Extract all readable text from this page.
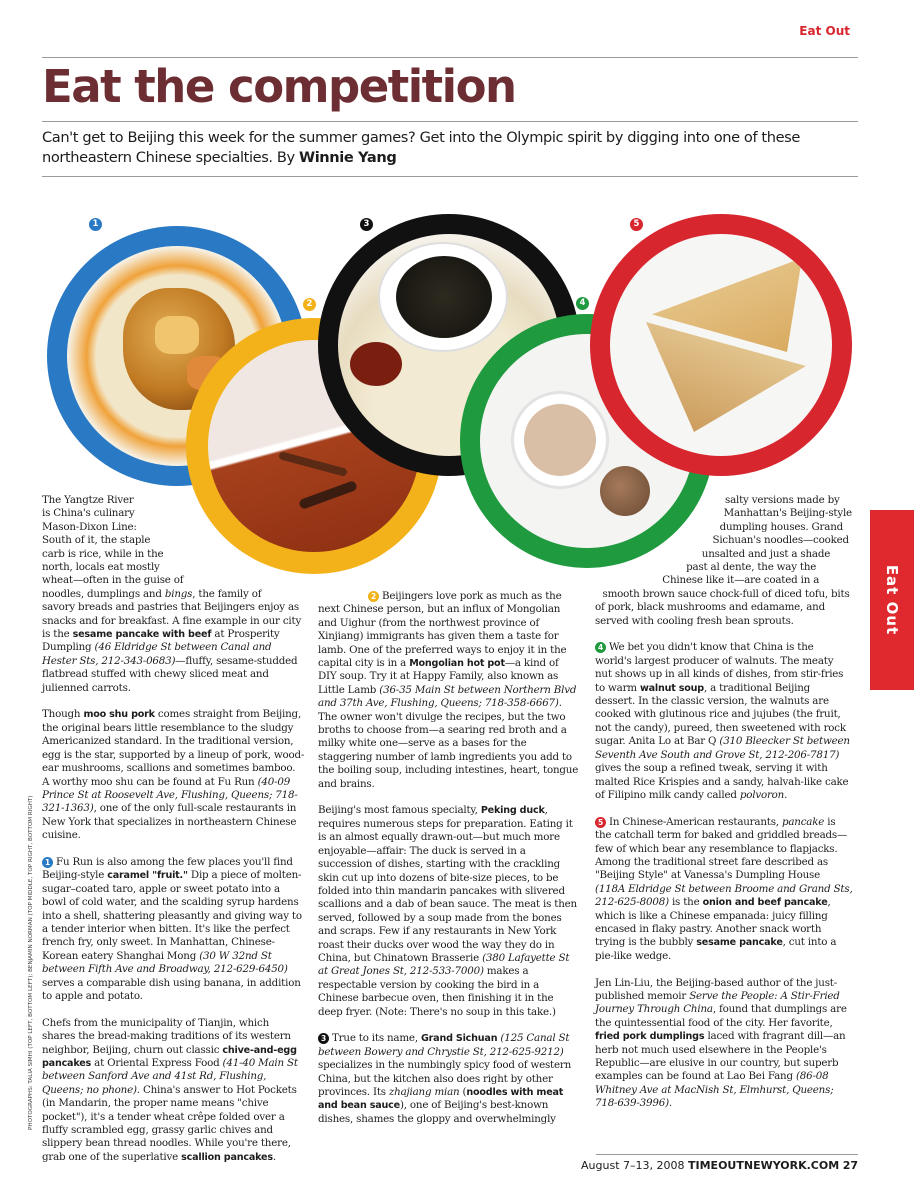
Eat Out
Eat the competition

Can't get to Beijing this week for the summer games? Get into the Olympic spirit by digging into one of these northeastern Chinese specialties. By Winnie Yang

1
2
3
4
5

The Yangtze River is China's culinary Mason-Dixon Line: South of it, the staple carb is rice, while in the north, locals eat mostly wheat—often in the guise of noodles, dumplings and bings, the family of savory breads and pastries that Beijingers enjoy as snacks and for breakfast. A fine example in our city is the sesame pancake with beef at Prosperity Dumpling (46 Eldridge St between Canal and Hester Sts, 212-343-0683)—fluffy, sesame-studded flatbread stuffed with chewy sliced meat and julienned carrots.

Though moo shu pork comes straight from Beijing, the original bears little resemblance to the sludgy Americanized standard. In the traditional version, egg is the star, supported by a lineup of pork, wood-ear mushrooms, scallions and sometimes bamboo. A worthy moo shu can be found at Fu Run (40-09 Prince St at Roosevelt Ave, Flushing, Queens; 718-321-1363), one of the only full-scale restaurants in New York that specializes in northeastern Chinese cuisine.

1 Fu Run is also among the few places you'll find Beijing-style caramel "fruit." Dip a piece of molten-sugar–coated taro, apple or sweet potato into a bowl of cold water, and the scalding syrup hardens into a shell, shattering pleasantly and giving way to a tender interior when bitten. It's like the perfect french fry, only sweet. In Manhattan, Chinese-Korean eatery Shanghai Mong (30 W 32nd St between Fifth Ave and Broadway, 212-629-6450) serves a comparable dish using banana, in addition to apple and potato.

Chefs from the municipality of Tianjin, which shares the bread-making traditions of its western neighbor, Beijing, churn out classic chive-and-egg pancakes at Oriental Express Food (41-40 Main St between Sanford Ave and 41st Rd, Flushing, Queens; no phone). China's answer to Hot Pockets (in Mandarin, the proper name means "chive pocket"), it's a tender wheat crêpe folded over a fluffy scrambled egg, grassy garlic chives and slippery bean thread noodles. While you're there, grab one of the superlative scallion pancakes.

2 Beijingers love pork as much as the next Chinese person, but an influx of Mongolian and Uighur (from the northwest province of Xinjiang) immigrants has given them a taste for lamb. One of the preferred ways to enjoy it in the capital city is in a Mongolian hot pot—a kind of DIY soup. Try it at Happy Family, also known as Little Lamb (36-35 Main St between Northern Blvd and 37th Ave, Flushing, Queens; 718-358-6667). The owner won't divulge the recipes, but the two broths to choose from—a searing red broth and a milky white one—serve as a bases for the staggering number of lamb ingredients you add to the boiling soup, including intestines, heart, tongue and brains.

Beijing's most famous specialty, Peking duck, requires numerous steps for preparation. Eating it is an almost equally drawn-out—but much more enjoyable—affair: The duck is served in a succession of dishes, starting with the crackling skin cut up into dozens of bite-size pieces, to be folded into thin mandarin pancakes with slivered scallions and a dab of bean sauce. The meat is then served, followed by a soup made from the bones and scraps. Few if any restaurants in New York roast their ducks over wood the way they do in China, but Chinatown Brasserie (380 Lafayette St at Great Jones St, 212-533-7000) makes a respectable version by cooking the bird in a Chinese barbecue oven, then finishing it in the deep fryer. (Note: There's no soup in this take.)

3 True to its name, Grand Sichuan (125 Canal St between Bowery and Chrystie St, 212-625-9212) specializes in the numbingly spicy food of western China, but the kitchen also does right by other provinces. Its zhajiang mian (noodles with meat and bean sauce), one of Beijing's best-known dishes, shames the gloppy and overwhelmingly

salty versions made by Manhattan's Beijing-style dumpling houses. Grand Sichuan's noodles—cooked unsalted and just a shade past al dente, the way the Chinese like it—are coated in a smooth brown sauce chock-full of diced tofu, bits of pork, black mushrooms and edamame, and served with cooling fresh bean sprouts.

4 We bet you didn't know that China is the world's largest producer of walnuts. The meaty nut shows up in all kinds of dishes, from stir-fries to warm walnut soup, a traditional Beijing dessert. In the classic version, the walnuts are cooked with glutinous rice and jujubes (the fruit, not the candy), pureed, then sweetened with rock sugar. Anita Lo at Bar Q (310 Bleecker St between Seventh Ave South and Grove St, 212-206-7817) gives the soup a refined tweak, serving it with malted Rice Krispies and a sandy, halvah-like cake of Filipino milk candy called polvoron.

5 In Chinese-American restaurants, pancake is the catchall term for baked and griddled breads—few of which bear any resemblance to flapjacks. Among the traditional street fare described as "Beijing Style" at Vanessa's Dumpling House (118A Eldridge St between Broome and Grand Sts, 212-625-8008) is the onion and beef pancake, which is like a Chinese empanada: juicy filling encased in flaky pastry. Another snack worth trying is the bubbly sesame pancake, cut into a pie-like wedge.

Jen Lin-Liu, the Beijing-based author of the just-published memoir Serve the People: A Stir-Fried Journey Through China, found that dumplings are the quintessential food of the city. Her favorite, fried pork dumplings laced with fragrant dill—an herb not much used elsewhere in the People's Republic—are elusive in our country, but superb examples can be found at Lao Bei Fang (86-08 Whitney Ave at MacNish St, Elmhurst, Queens; 718-639-3996).

Eat Out
PHOTOGRAPHS: TALIA SIMHI (TOP LEFT, BOTTOM LEFT); BENJAMIN NORMAN (TOP MIDDLE, TOP RIGHT, BOTTOM RIGHT)
August 7–13, 2008 TIMEOUTNEWYORK.COM 27
